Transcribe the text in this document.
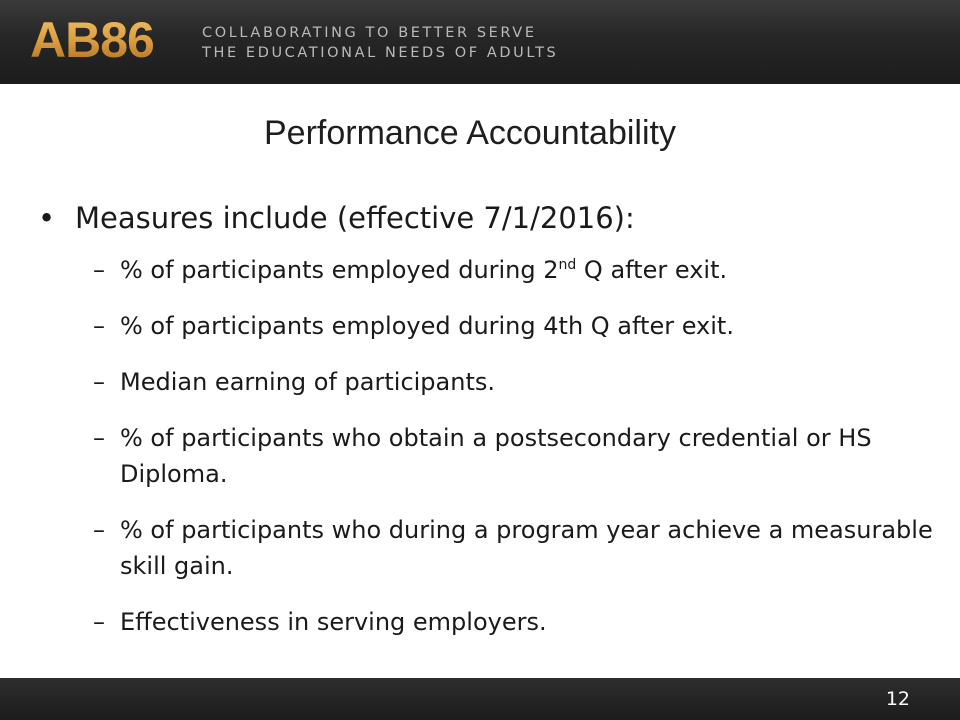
AB86	COLLABORATING TO BETTER SERVE
THE EDUCATIONAL NEEDS OF ADULTS
Performance Accountability
• Measures include (effective 7/1/2016):
– % of participants employed during 2nd Q after exit.
– % of participants employed during 4th Q after exit.
– Median earning of participants.
– % of participants who obtain a postsecondary credential or HS Diploma.
– % of participants who during a program year achieve a measurable skill gain.
– Effectiveness in serving employers.
12
